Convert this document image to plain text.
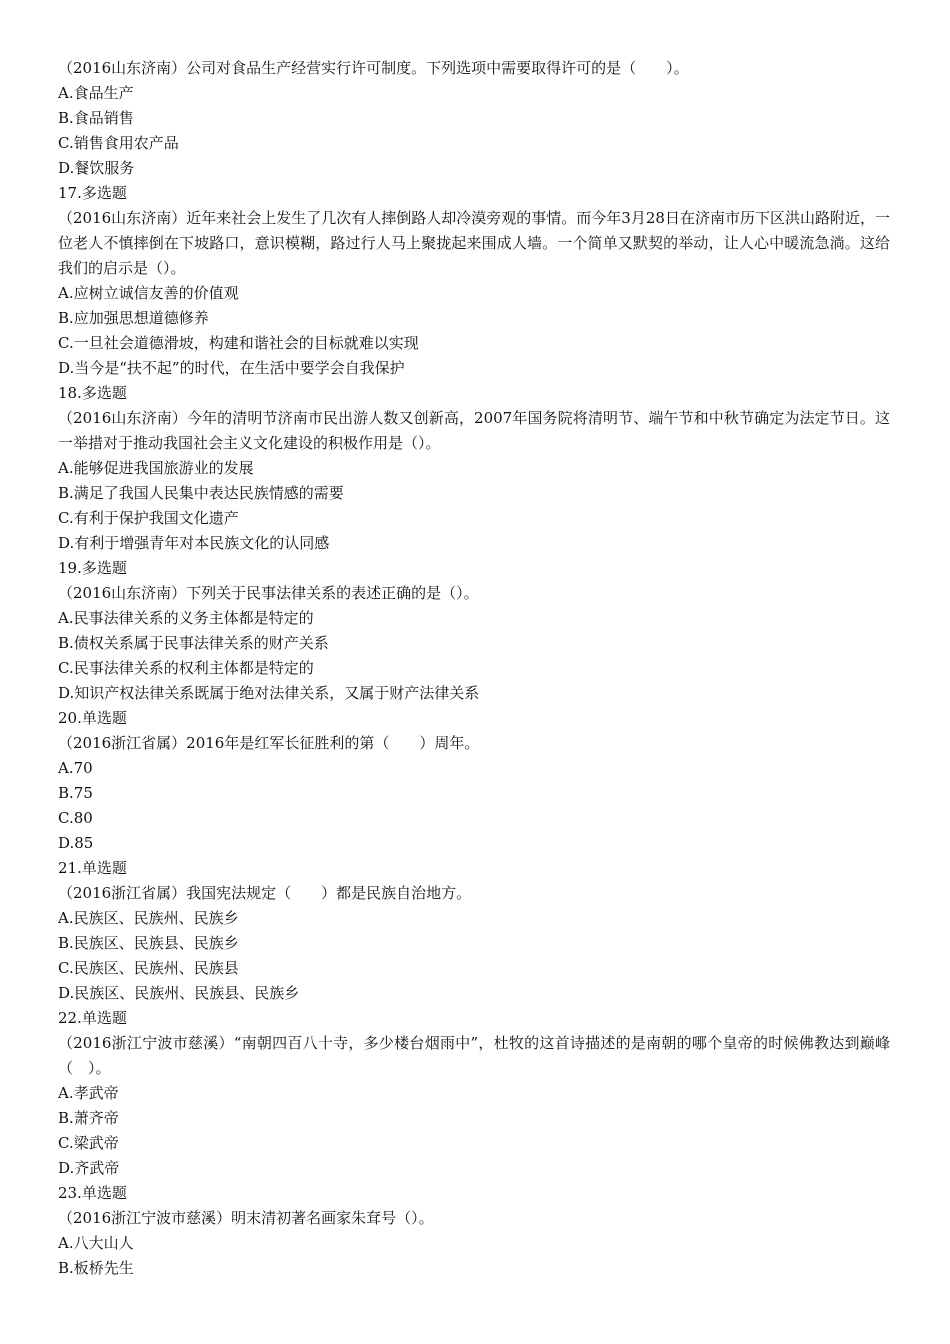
（2016山东济南）公司对食品生产经营实行许可制度。下列选项中需要取得许可的是（　　）。
A.食品生产
B.食品销售
C.销售食用农产品
D.餐饮服务
17.多选题
（2016山东济南）近年来社会上发生了几次有人摔倒路人却冷漠旁观的事情。而今年3月28日在济南市历下区洪山路附近，一位老人不慎摔倒在下坡路口，意识模糊，路过行人马上聚拢起来围成人墙。一个简单又默契的举动，让人心中暖流急淌。这给我们的启示是（）。
A.应树立诚信友善的价值观
B.应加强思想道德修养
C.一旦社会道德滑坡，构建和谐社会的目标就难以实现
D.当今是“扶不起”的时代，在生活中要学会自我保护
18.多选题
（2016山东济南）今年的清明节济南市民出游人数又创新高，2007年国务院将清明节、端午节和中秋节确定为法定节日。这一举措对于推动我国社会主义文化建设的积极作用是（）。
A.能够促进我国旅游业的发展
B.满足了我国人民集中表达民族情感的需要
C.有利于保护我国文化遗产
D.有利于增强青年对本民族文化的认同感
19.多选题
（2016山东济南）下列关于民事法律关系的表述正确的是（）。
A.民事法律关系的义务主体都是特定的
B.债权关系属于民事法律关系的财产关系
C.民事法律关系的权利主体都是特定的
D.知识产权法律关系既属于绝对法律关系，又属于财产法律关系
20.单选题
（2016浙江省属）2016年是红军长征胜利的第（　　）周年。
A.70
B.75
C.80
D.85
21.单选题
（2016浙江省属）我国宪法规定（　　）都是民族自治地方。
A.民族区、民族州、民族乡
B.民族区、民族县、民族乡
C.民族区、民族州、民族县
D.民族区、民族州、民族县、民族乡
22.单选题
（2016浙江宁波市慈溪）“南朝四百八十寺，多少楼台烟雨中”，杜牧的这首诗描述的是南朝的哪个皇帝的时候佛教达到巅峰（　）。
A.孝武帝
B.萧齐帝
C.梁武帝
D.齐武帝
23.单选题
（2016浙江宁波市慈溪）明末清初著名画家朱耷号（）。
A.八大山人
B.板桥先生
